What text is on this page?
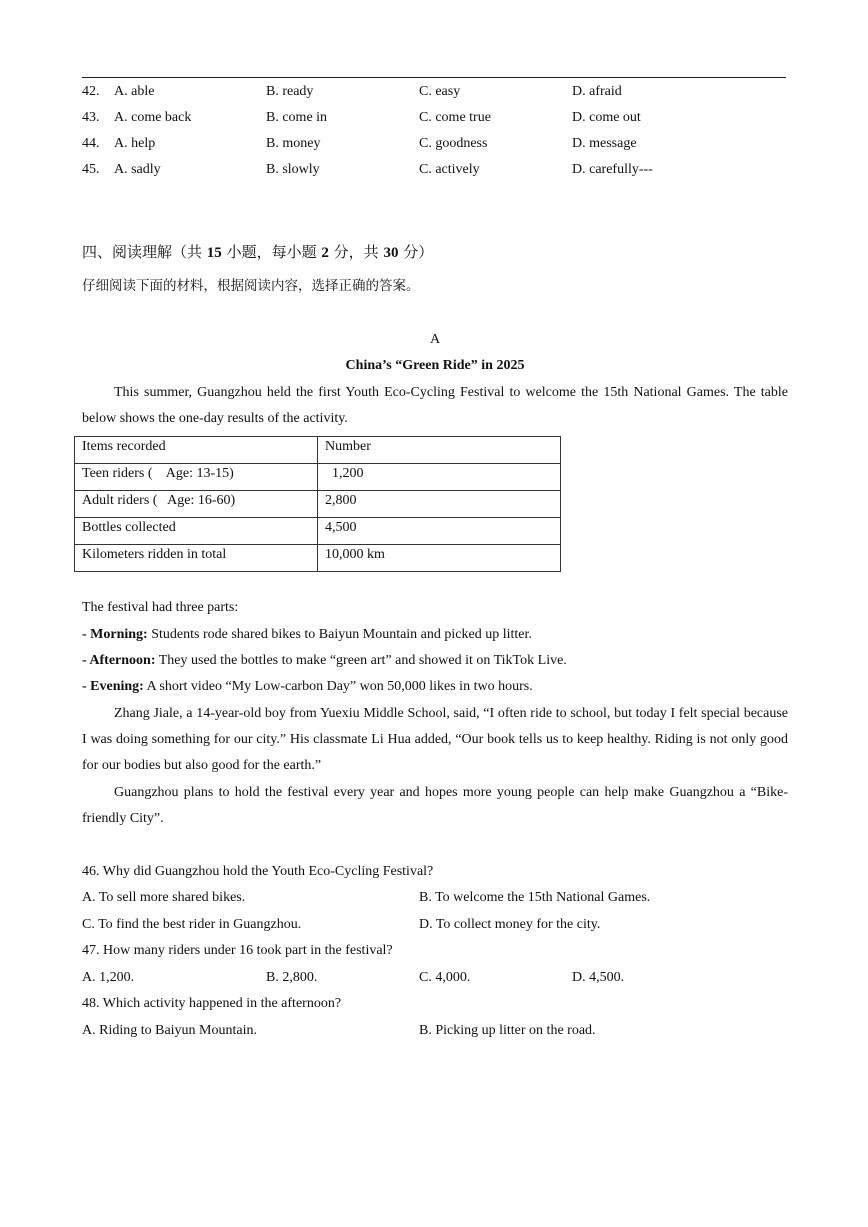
42. A. able	B. ready	C. easy	D. afraid
43. A. come back	B. come in	C. come true	D. come out
44. A. help	B. money	C. goodness	D. message
45. A. sadly	B. slowly	C. actively	D. carefully---
四、阅读理解（共 15 小题，每小题 2 分，共 30 分）
仔细阅读下面的材料，根据阅读内容，选择正确的答案。
A
China’s “Green Ride” in 2025
This summer, Guangzhou held the first Youth Eco-Cycling Festival to welcome the 15th National Games. The table below shows the one-day results of the activity.
Items recorded	Number
Teen riders (    Age: 13-15)	1,200
Adult riders (   Age: 16-60)	2,800
Bottles collected	4,500
Kilometers ridden in total	10,000 km
The festival had three parts:
- Morning: Students rode shared bikes to Baiyun Mountain and picked up litter.
- Afternoon: They used the bottles to make “green art” and showed it on TikTok Live.
- Evening: A short video “My Low-carbon Day” won 50,000 likes in two hours.
Zhang Jiale, a 14-year-old boy from Yuexiu Middle School, said, “I often ride to school, but today I felt special because I was doing something for our city.” His classmate Li Hua added, “Our book tells us to keep healthy. Riding is not only good for our bodies but also good for the earth.”
Guangzhou plans to hold the festival every year and hopes more young people can help make Guangzhou a “Bike-friendly City”.
46. Why did Guangzhou hold the Youth Eco-Cycling Festival?
A. To sell more shared bikes.	B. To welcome the 15th National Games.
C. To find the best rider in Guangzhou.	D. To collect money for the city.
47. How many riders under 16 took part in the festival?
A. 1,200.	B. 2,800.	C. 4,000.	D. 4,500.
48. Which activity happened in the afternoon?
A. Riding to Baiyun Mountain.	B. Picking up litter on the road.
